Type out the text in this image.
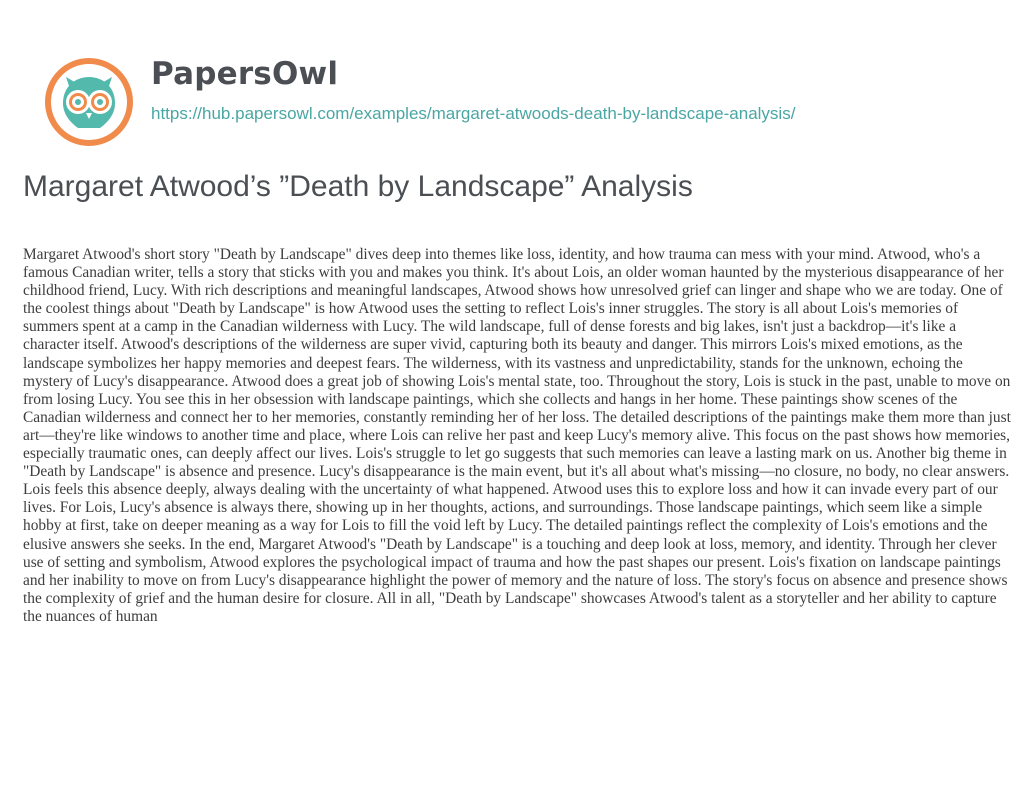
PapersOwl
https://hub.papersowl.com/examples/margaret-atwoods-death-by-landscape-analysis/
Margaret Atwood’s ”Death by Landscape” Analysis

Margaret Atwood's short story "Death by Landscape" dives deep into themes like loss, identity, and how trauma can mess with your mind. Atwood, who's a famous Canadian writer, tells a story that sticks with you and makes you think. It's about Lois, an older woman haunted by the mysterious disappearance of her childhood friend, Lucy. With rich descriptions and meaningful landscapes, Atwood shows how unresolved grief can linger and shape who we are today. One of the coolest things about "Death by Landscape" is how Atwood uses the setting to reflect Lois's inner struggles. The story is all about Lois's memories of summers spent at a camp in the Canadian wilderness with Lucy. The wild landscape, full of dense forests and big lakes, isn't just a backdrop—it's like a character itself. Atwood's descriptions of the wilderness are super vivid, capturing both its beauty and danger. This mirrors Lois's mixed emotions, as the landscape symbolizes her happy memories and deepest fears. The wilderness, with its vastness and unpredictability, stands for the unknown, echoing the mystery of Lucy's disappearance. Atwood does a great job of showing Lois's mental state, too. Throughout the story, Lois is stuck in the past, unable to move on from losing Lucy. You see this in her obsession with landscape paintings, which she collects and hangs in her home. These paintings show scenes of the Canadian wilderness and connect her to her memories, constantly reminding her of her loss. The detailed descriptions of the paintings make them more than just art—they're like windows to another time and place, where Lois can relive her past and keep Lucy's memory alive. This focus on the past shows how memories, especially traumatic ones, can deeply affect our lives. Lois's struggle to let go suggests that such memories can leave a lasting mark on us. Another big theme in "Death by Landscape" is absence and presence. Lucy's disappearance is the main event, but it's all about what's missing—no closure, no body, no clear answers. Lois feels this absence deeply, always dealing with the uncertainty of what happened. Atwood uses this to explore loss and how it can invade every part of our lives. For Lois, Lucy's absence is always there, showing up in her thoughts, actions, and surroundings. Those landscape paintings, which seem like a simple hobby at first, take on deeper meaning as a way for Lois to fill the void left by Lucy. The detailed paintings reflect the complexity of Lois's emotions and the elusive answers she seeks. In the end, Margaret Atwood's "Death by Landscape" is a touching and deep look at loss, memory, and identity. Through her clever use of setting and symbolism, Atwood explores the psychological impact of trauma and how the past shapes our present. Lois's fixation on landscape paintings and her inability to move on from Lucy's disappearance highlight the power of memory and the nature of loss. The story's focus on absence and presence shows the complexity of grief and the human desire for closure. All in all, "Death by Landscape" showcases Atwood's talent as a storyteller and her ability to capture the nuances of human
